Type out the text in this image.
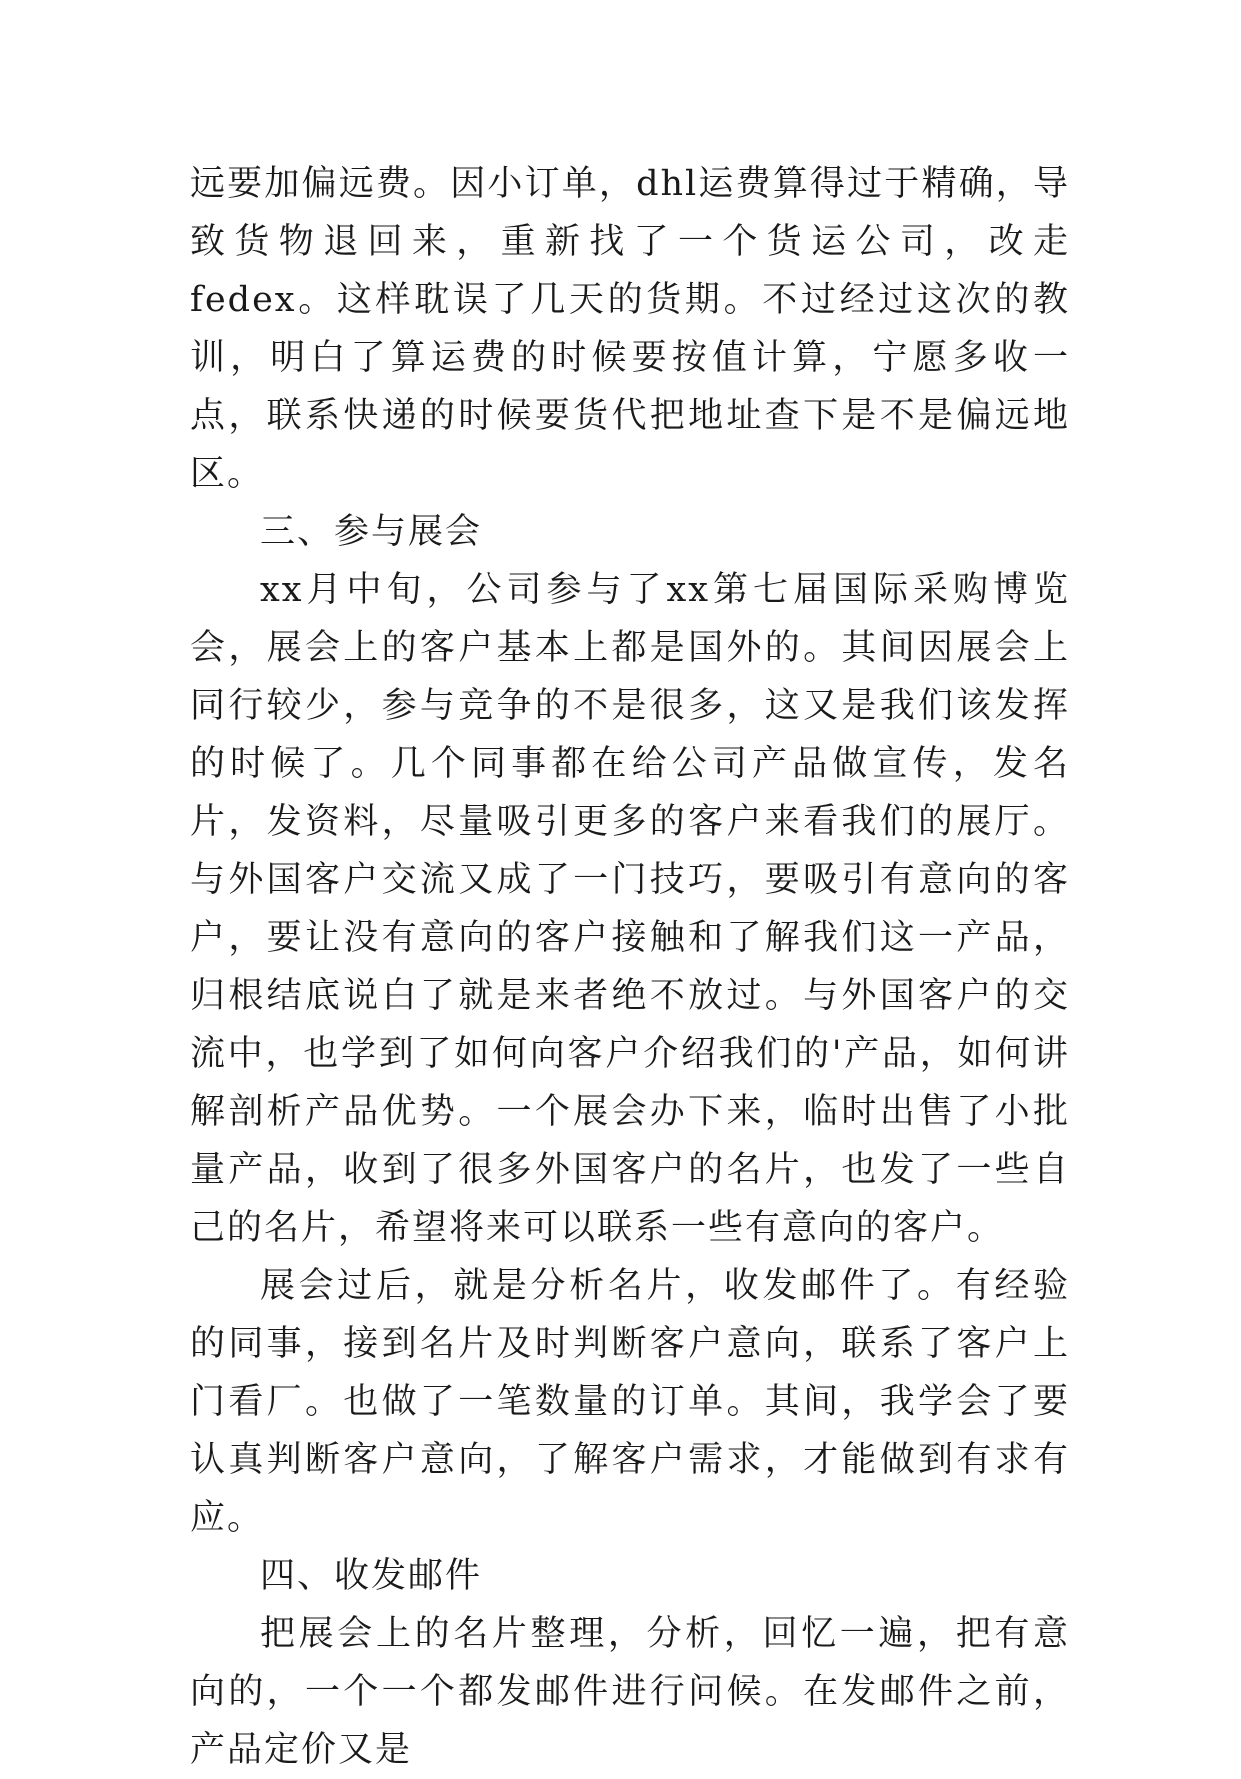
远要加偏远费。因小订单，dhl运费算得过于精确，导致货物退回来，重新找了一个货运公司，改走fedex。这样耽误了几天的货期。不过经过这次的教训，明白了算运费的时候要按值计算，宁愿多收一点，联系快递的时候要货代把地址查下是不是偏远地区。

三、参与展会

xx月中旬，公司参与了xx第七届国际采购博览会，展会上的客户基本上都是国外的。其间因展会上同行较少，参与竞争的不是很多，这又是我们该发挥的时候了。几个同事都在给公司产品做宣传，发名片，发资料，尽量吸引更多的客户来看我们的展厅。与外国客户交流又成了一门技巧，要吸引有意向的客户，要让没有意向的客户接触和了解我们这一产品，归根结底说白了就是来者绝不放过。与外国客户的交流中，也学到了如何向客户介绍我们的'产品，如何讲解剖析产品优势。一个展会办下来，临时出售了小批量产品，收到了很多外国客户的名片，也发了一些自己的名片，希望将来可以联系一些有意向的客户。

展会过后，就是分析名片，收发邮件了。有经验的同事，接到名片及时判断客户意向，联系了客户上门看厂。也做了一笔数量的订单。其间，我学会了要认真判断客户意向，了解客户需求，才能做到有求有应。

四、收发邮件

把展会上的名片整理，分析，回忆一遍，把有意向的，一个一个都发邮件进行问候。在发邮件之前，产品定价又是
